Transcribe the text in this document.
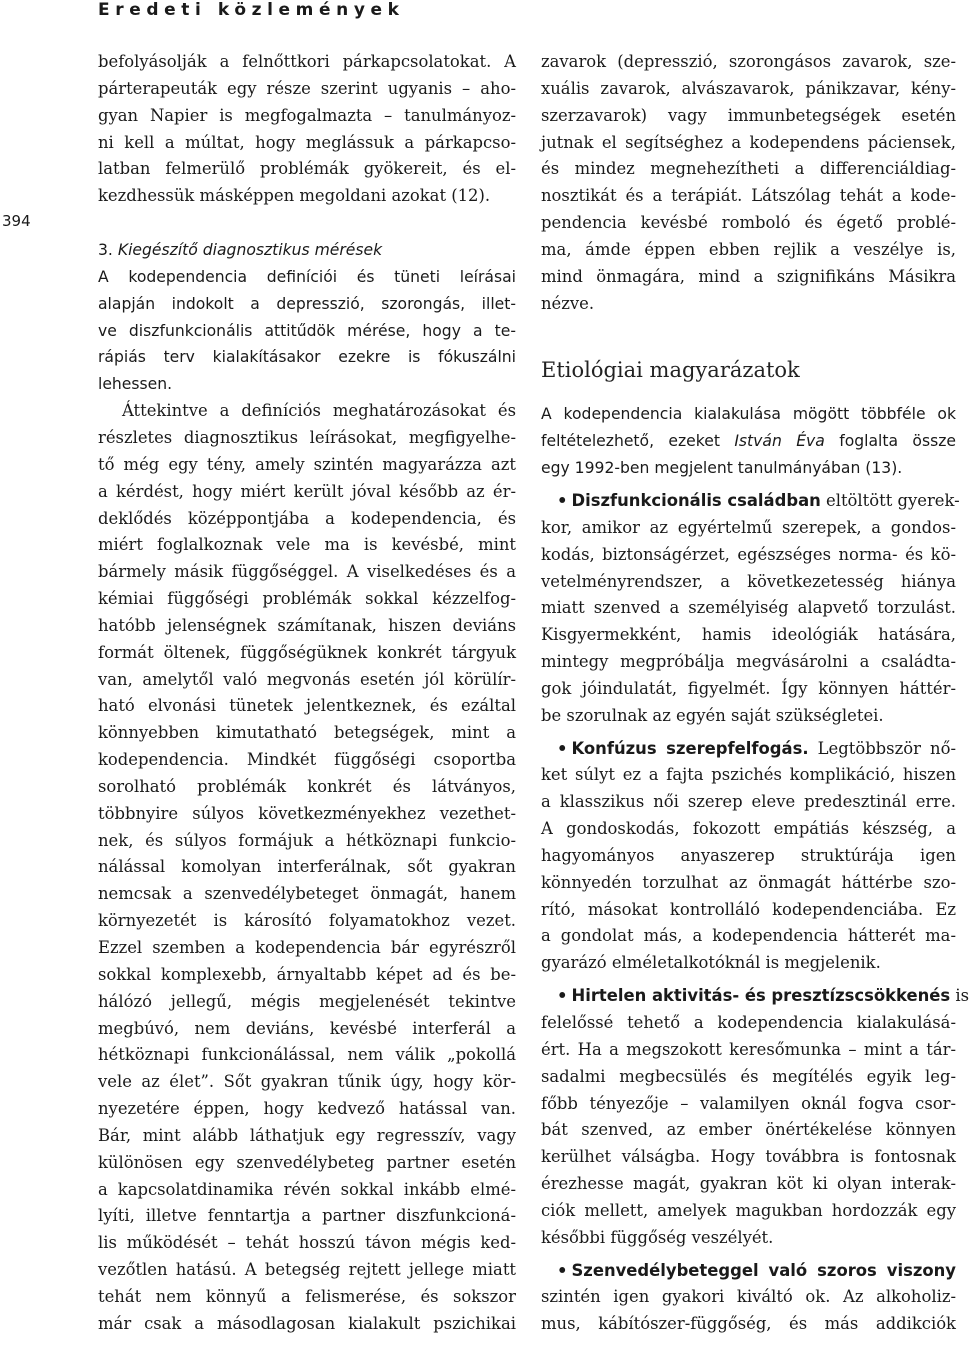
Eredeti közlemények
394

befolyásolják a felnőttkori párkapcsolatokat. A

párterapeuták egy része szerint ugyanis – aho-

gyan Napier is megfogalmazta – tanulmányoz-

ni kell a múltat, hogy meglássuk a párkapcso-

latban felmerülő problémák gyökereit, és el-

kezdhessük másképpen megoldani azokat (12).

3. Kiegészítő diagnosztikus mérések

A kodependencia definíciói és tüneti leírásai

alapján indokolt a depresszió, szorongás, illet-

ve diszfunkcionális attitűdök mérése, hogy a te-

rápiás terv kialakításakor ezekre is fókuszálni

lehessen.

Áttekintve a definíciós meghatározásokat és

részletes diagnosztikus leírásokat, megfigyelhe-

tő még egy tény, amely szintén magyarázza azt

a kérdést, hogy miért került jóval később az ér-

deklődés középpontjába a kodependencia, és

miért foglalkoznak vele ma is kevésbé, mint

bármely másik függőséggel. A viselkedéses és a

kémiai függőségi problémák sokkal kézzelfog-

hatóbb jelenségnek számítanak, hiszen deviáns

formát öltenek, függőségüknek konkrét tárgyuk

van, amelytől való megvonás esetén jól körülír-

ható elvonási tünetek jelentkeznek, és ezáltal

könnyebben kimutatható betegségek, mint a

kodependencia. Mindkét függőségi csoportba

sorolható problémák konkrét és látványos,

többnyire súlyos következményekhez vezethet-

nek, és súlyos formájuk a hétköznapi funkcio-

nálással komolyan interferálnak, sőt gyakran

nemcsak a szenvedélybeteget önmagát, hanem

környezetét is károsító folyamatokhoz vezet.

Ezzel szemben a kodependencia bár egyrészről

sokkal komplexebb, árnyaltabb képet ad és be-

hálózó jellegű, mégis megjelenését tekintve

megbúvó, nem deviáns, kevésbé interferál a

hétköznapi funkcionálással, nem válik „pokollá

vele az élet”. Sőt gyakran tűnik úgy, hogy kör-

nyezetére éppen, hogy kedvező hatással van.

Bár, mint alább láthatjuk egy regresszív, vagy

különösen egy szenvedélybeteg partner esetén

a kapcsolatdinamika révén sokkal inkább elmé-

lyíti, illetve fenntartja a partner diszfunkcioná-

lis működését – tehát hosszú távon mégis ked-

vezőtlen hatású. A betegség rejtett jellege miatt

tehát nem könnyű a felismerése, és sokszor

már csak a másodlagosan kialakult pszichikai

zavarok (depresszió, szorongásos zavarok, sze-

xuális zavarok, alvászavarok, pánikzavar, kény-

szerzavarok) vagy immunbetegségek esetén

jutnak el segítséghez a kodependens páciensek,

és mindez megnehezítheti a differenciáldiag-

nosztikát és a terápiát. Látszólag tehát a kode-

pendencia kevésbé romboló és égető problé-

ma, ámde éppen ebben rejlik a veszélye is,

mind önmagára, mind a szignifikáns Másikra

nézve.

Etiológiai magyarázatok

A kodependencia kialakulása mögött többféle ok

feltételezhető, ezeket István Éva foglalta össze

egy 1992-ben megjelent tanulmányában (13).

• Diszfunkcionális családban eltöltött gyerek-

kor, amikor az egyértelmű szerepek, a gondos-

kodás, biztonságérzet, egészséges norma- és kö-

vetelményrendszer, a következetesség hiánya

miatt szenved a személyiség alapvető torzulást.

Kisgyermekként, hamis ideológiák hatására,

mintegy megpróbálja megvásárolni a családta-

gok jóindulatát, figyelmét. Így könnyen háttér-

be szorulnak az egyén saját szükségletei.

• Konfúzus szerepfelfogás. Legtöbbször nő-

ket súlyt ez a fajta pszichés komplikáció, hiszen

a klasszikus női szerep eleve predesztinál erre.

A gondoskodás, fokozott empátiás készség, a

hagyományos anyaszerep struktúrája igen

könnyedén torzulhat az önmagát háttérbe szo-

rító, másokat kontrolláló kodependenciába. Ez

a gondolat más, a kodependencia hátterét ma-

gyarázó elméletalkotóknál is megjelenik.

• Hirtelen aktivitás- és presztízscsökkenés is

felelőssé tehető a kodependencia kialakulásá-

ért. Ha a megszokott keresőmunka – mint a tár-

sadalmi megbecsülés és megítélés egyik leg-

főbb tényezője – valamilyen oknál fogva csor-

bát szenved, az ember önértékelése könnyen

kerülhet válságba. Hogy továbbra is fontosnak

érezhesse magát, gyakran köt ki olyan interak-

ciók mellett, amelyek magukban hordozzák egy

későbbi függőség veszélyét.

• Szenvedélybeteggel való szoros viszony

szintén igen gyakori kiváltó ok. Az alkoholiz-

mus, kábítószer-függőség, és más addikciók
